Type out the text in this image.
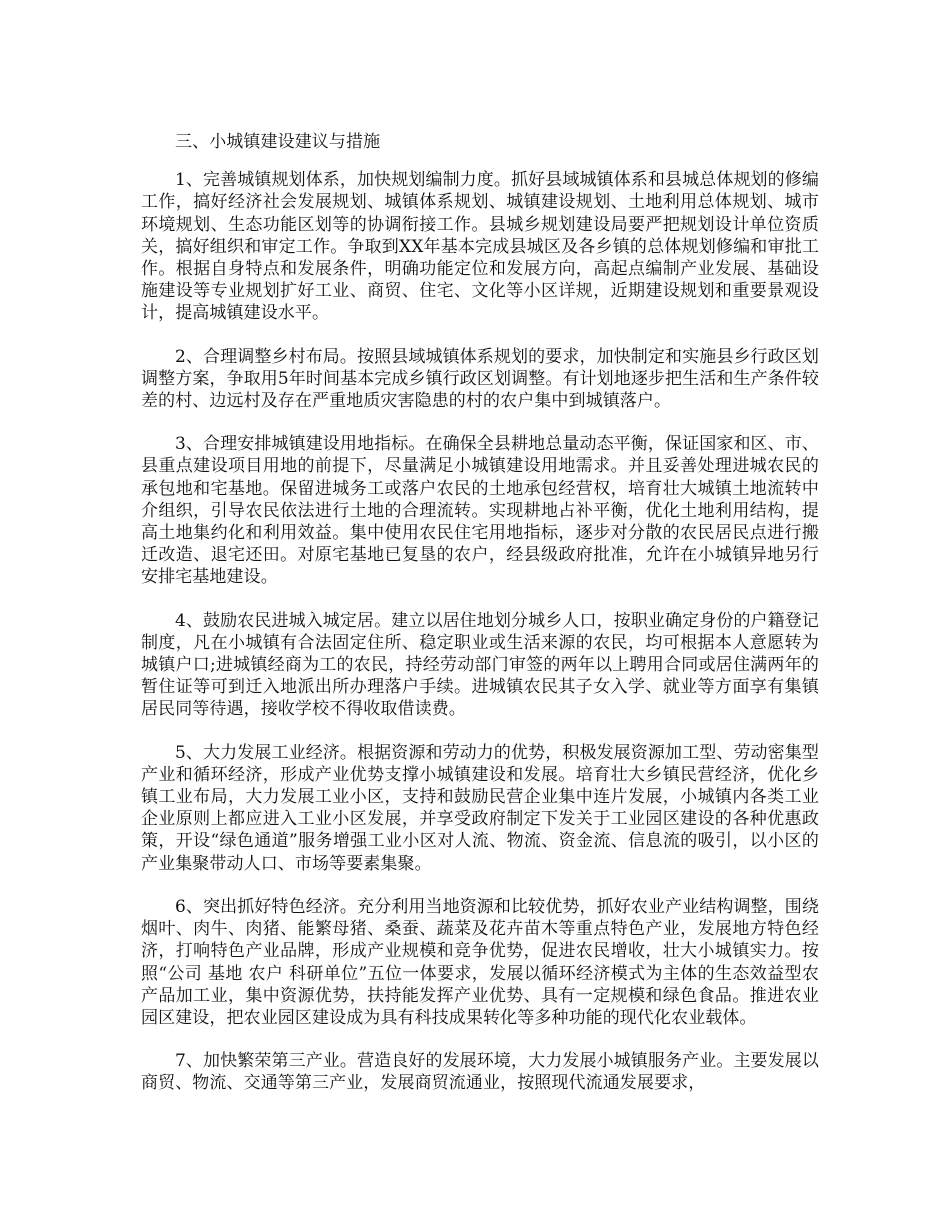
三、小城镇建设建议与措施

1、完善城镇规划体系，加快规划编制力度。抓好县域城镇体系和县城总体规划的修编工作，搞好经济社会发展规划、城镇体系规划、城镇建设规划、土地利用总体规划、城市环境规划、生态功能区划等的协调衔接工作。县城乡规划建设局要严把规划设计单位资质关，搞好组织和审定工作。争取到XX年基本完成县城区及各乡镇的总体规划修编和审批工作。根据自身特点和发展条件，明确功能定位和发展方向，高起点编制产业发展、基础设施建设等专业规划扩好工业、商贸、住宅、文化等小区详规，近期建设规划和重要景观设计，提高城镇建设水平。

2、合理调整乡村布局。按照县域城镇体系规划的要求，加快制定和实施县乡行政区划调整方案，争取用5年时间基本完成乡镇行政区划调整。有计划地逐步把生活和生产条件较差的村、边远村及存在严重地质灾害隐患的村的农户集中到城镇落户。

3、合理安排城镇建设用地指标。在确保全县耕地总量动态平衡，保证国家和区、市、县重点建设项目用地的前提下，尽量满足小城镇建设用地需求。并且妥善处理进城农民的承包地和宅基地。保留进城务工或落户农民的土地承包经营权，培育壮大城镇土地流转中介组织，引导农民依法进行土地的合理流转。实现耕地占补平衡，优化土地利用结构，提高土地集约化和利用效益。集中使用农民住宅用地指标，逐步对分散的农民居民点进行搬迁改造、退宅还田。对原宅基地已复垦的农户，经县级政府批准，允许在小城镇异地另行安排宅基地建设。

4、鼓励农民进城入城定居。建立以居住地划分城乡人口，按职业确定身份的户籍登记制度，凡在小城镇有合法固定住所、稳定职业或生活来源的农民，均可根据本人意愿转为城镇户口;进城镇经商为工的农民，持经劳动部门审签的两年以上聘用合同或居住满两年的暂住证等可到迁入地派出所办理落户手续。进城镇农民其子女入学、就业等方面享有集镇居民同等待遇，接收学校不得收取借读费。

5、大力发展工业经济。根据资源和劳动力的优势，积极发展资源加工型、劳动密集型产业和循环经济，形成产业优势支撑小城镇建设和发展。培育壮大乡镇民营经济，优化乡镇工业布局，大力发展工业小区，支持和鼓励民营企业集中连片发展，小城镇内各类工业企业原则上都应进入工业小区发展，并享受政府制定下发关于工业园区建设的各种优惠政策，开设“绿色通道”服务增强工业小区对人流、物流、资金流、信息流的吸引，以小区的产业集聚带动人口、市场等要素集聚。

6、突出抓好特色经济。充分利用当地资源和比较优势，抓好农业产业结构调整，围绕烟叶、肉牛、肉猪、能繁母猪、桑蚕、蔬菜及花卉苗木等重点特色产业，发展地方特色经济，打响特色产业品牌，形成产业规模和竞争优势，促进农民增收，壮大小城镇实力。按照“公司 基地 农户 科研单位”五位一体要求，发展以循环经济模式为主体的生态效益型农产品加工业，集中资源优势，扶持能发挥产业优势、具有一定规模和绿色食品。推进农业园区建设，把农业园区建设成为具有科技成果转化等多种功能的现代化农业载体。

7、加快繁荣第三产业。营造良好的发展环境，大力发展小城镇服务产业。主要发展以商贸、物流、交通等第三产业，发展商贸流通业，按照现代流通发展要求，
